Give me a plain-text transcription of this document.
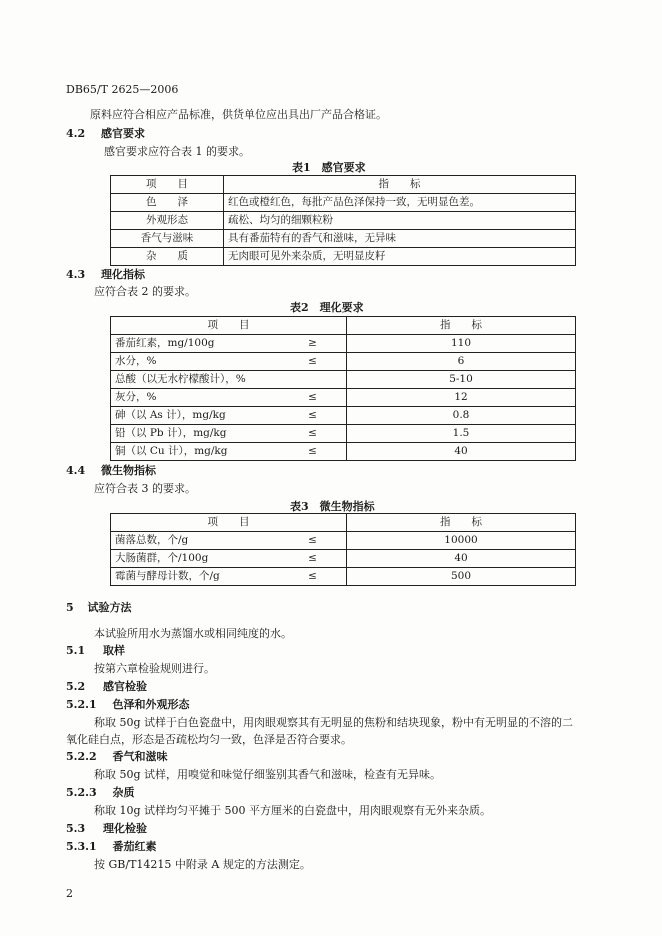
DB65/T 2625—2006
原料应符合相应产品标准，供货单位应出具出厂产品合格证。
4.2 感官要求
感官要求应符合表 1 的要求。
表1　感官要求
项　　目	指　　标
色　　泽	红色或橙红色，每批产品色泽保持一致，无明显色差。
外观形态	疏松、均匀的细颗粒粉
香气与滋味	具有番茄特有的香气和滋味，无异味
杂　　质	无肉眼可见外来杂质，无明显皮籽
4.3 理化指标
应符合表 2 的要求。
表2　理化要求
项　　目		指　　标
番茄红素，mg/100g	≥	110
水分，%	≤	6
总酸（以无水柠檬酸计），%		5-10
灰分，%	≤	12
砷（以 As 计），mg/kg	≤	0.8
铅（以 Pb 计），mg/kg	≤	1.5
铜（以 Cu 计），mg/kg	≤	40
4.4 微生物指标
应符合表 3 的要求。
表3　微生物指标
项　　目		指　　标
菌落总数，个/g	≤	10000
大肠菌群，个/100g	≤	40
霉菌与酵母计数，个/g	≤	500
5 试验方法
本试验所用水为蒸馏水或相同纯度的水。
5.1 取样
按第六章检验规则进行。
5.2 感官检验
5.2.1 色泽和外观形态
称取 50g 试样于白色瓷盘中，用肉眼观察其有无明显的焦粉和结块现象，粉中有无明显的不溶的二
氧化硅白点，形态是否疏松均匀一致，色泽是否符合要求。
5.2.2 香气和滋味
称取 50g 试样，用嗅觉和味觉仔细鉴别其香气和滋味，检查有无异味。
5.2.3 杂质
称取 10g 试样均匀平摊于 500 平方厘米的白瓷盘中，用肉眼观察有无外来杂质。
5.3 理化检验
5.3.1 番茄红素
按 GB/T14215 中附录 A 规定的方法测定。
2
